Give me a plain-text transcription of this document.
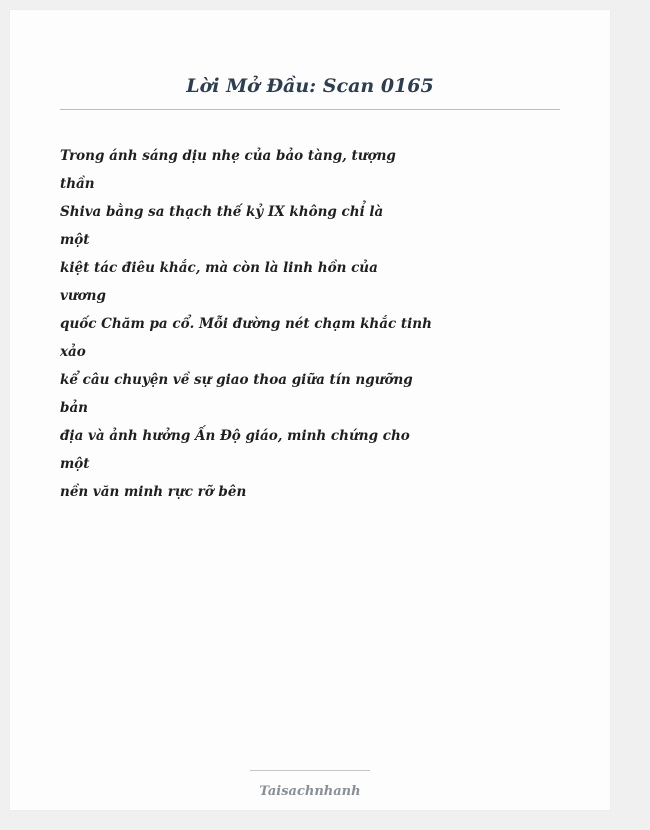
Lời Mở Đầu: Scan 0165
Trong ánh sáng dịu nhẹ của bảo tàng, tượng
thần
Shiva bằng sa thạch thế kỷ IX không chỉ là
một
kiệt tác điêu khắc, mà còn là linh hồn của
vương
quốc Chăm pa cổ. Mỗi đường nét chạm khắc tinh
xảo
kể câu chuyện về sự giao thoa giữa tín ngưỡng
bản
địa và ảnh hưởng Ấn Độ giáo, minh chứng cho
một
nền văn minh rực rỡ bên
Taisachnhanh
